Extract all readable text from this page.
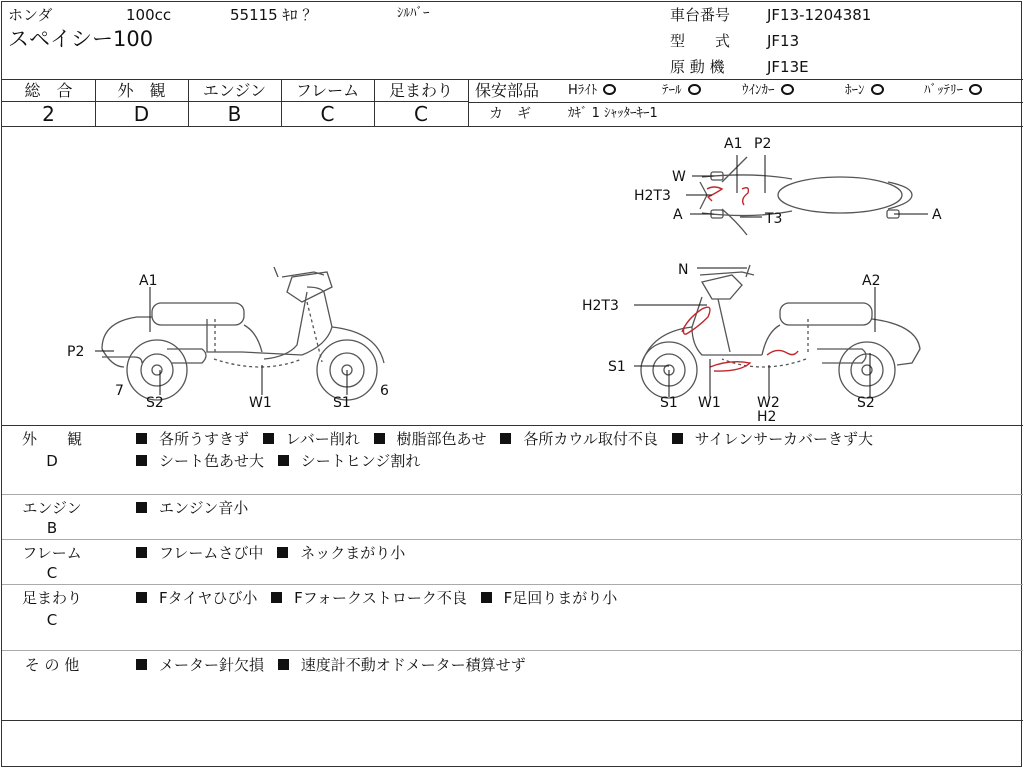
ホンダ	100cc	55115 ｷﾛ ？	ｼﾙﾊﾞｰ
スペイシー100
車台番号 JF13-1204381
型　　式 JF13
原 動 機	JF13E
総　合	外　観	エンジン	フレーム	足まわり
2	D	B	C	C
保安部品 Hﾗｲﾄ	ﾃｰﾙ	ｳｲﾝｶｰ	ﾎｰﾝ	ﾊﾞｯﾃﾘｰ
カ　ギ	ｶｷﾞ 1 ｼｬｯﾀｰｷｰ1
A1
P2
7
S2	W1	S1
6
N
H2T3
S1
S1 W1	W2
H2
A2
S2
A1 P2
W
H2T3
A	T3	A
外　　観
D
各所うすきず レバー削れ 樹脂部色あせ 各所カウル取付不良 サイレンサーカバーきず大
シート色あせ大 シートヒンジ割れ
エンジン
B
エンジン音小
フレーム
C
フレームさび中 ネックまがり小
足まわり
C
Fタイヤひび小 Fフォークストローク不良 F足回りまがり小
そ の 他	メーター針欠損 速度計不動オドメーター積算せず
